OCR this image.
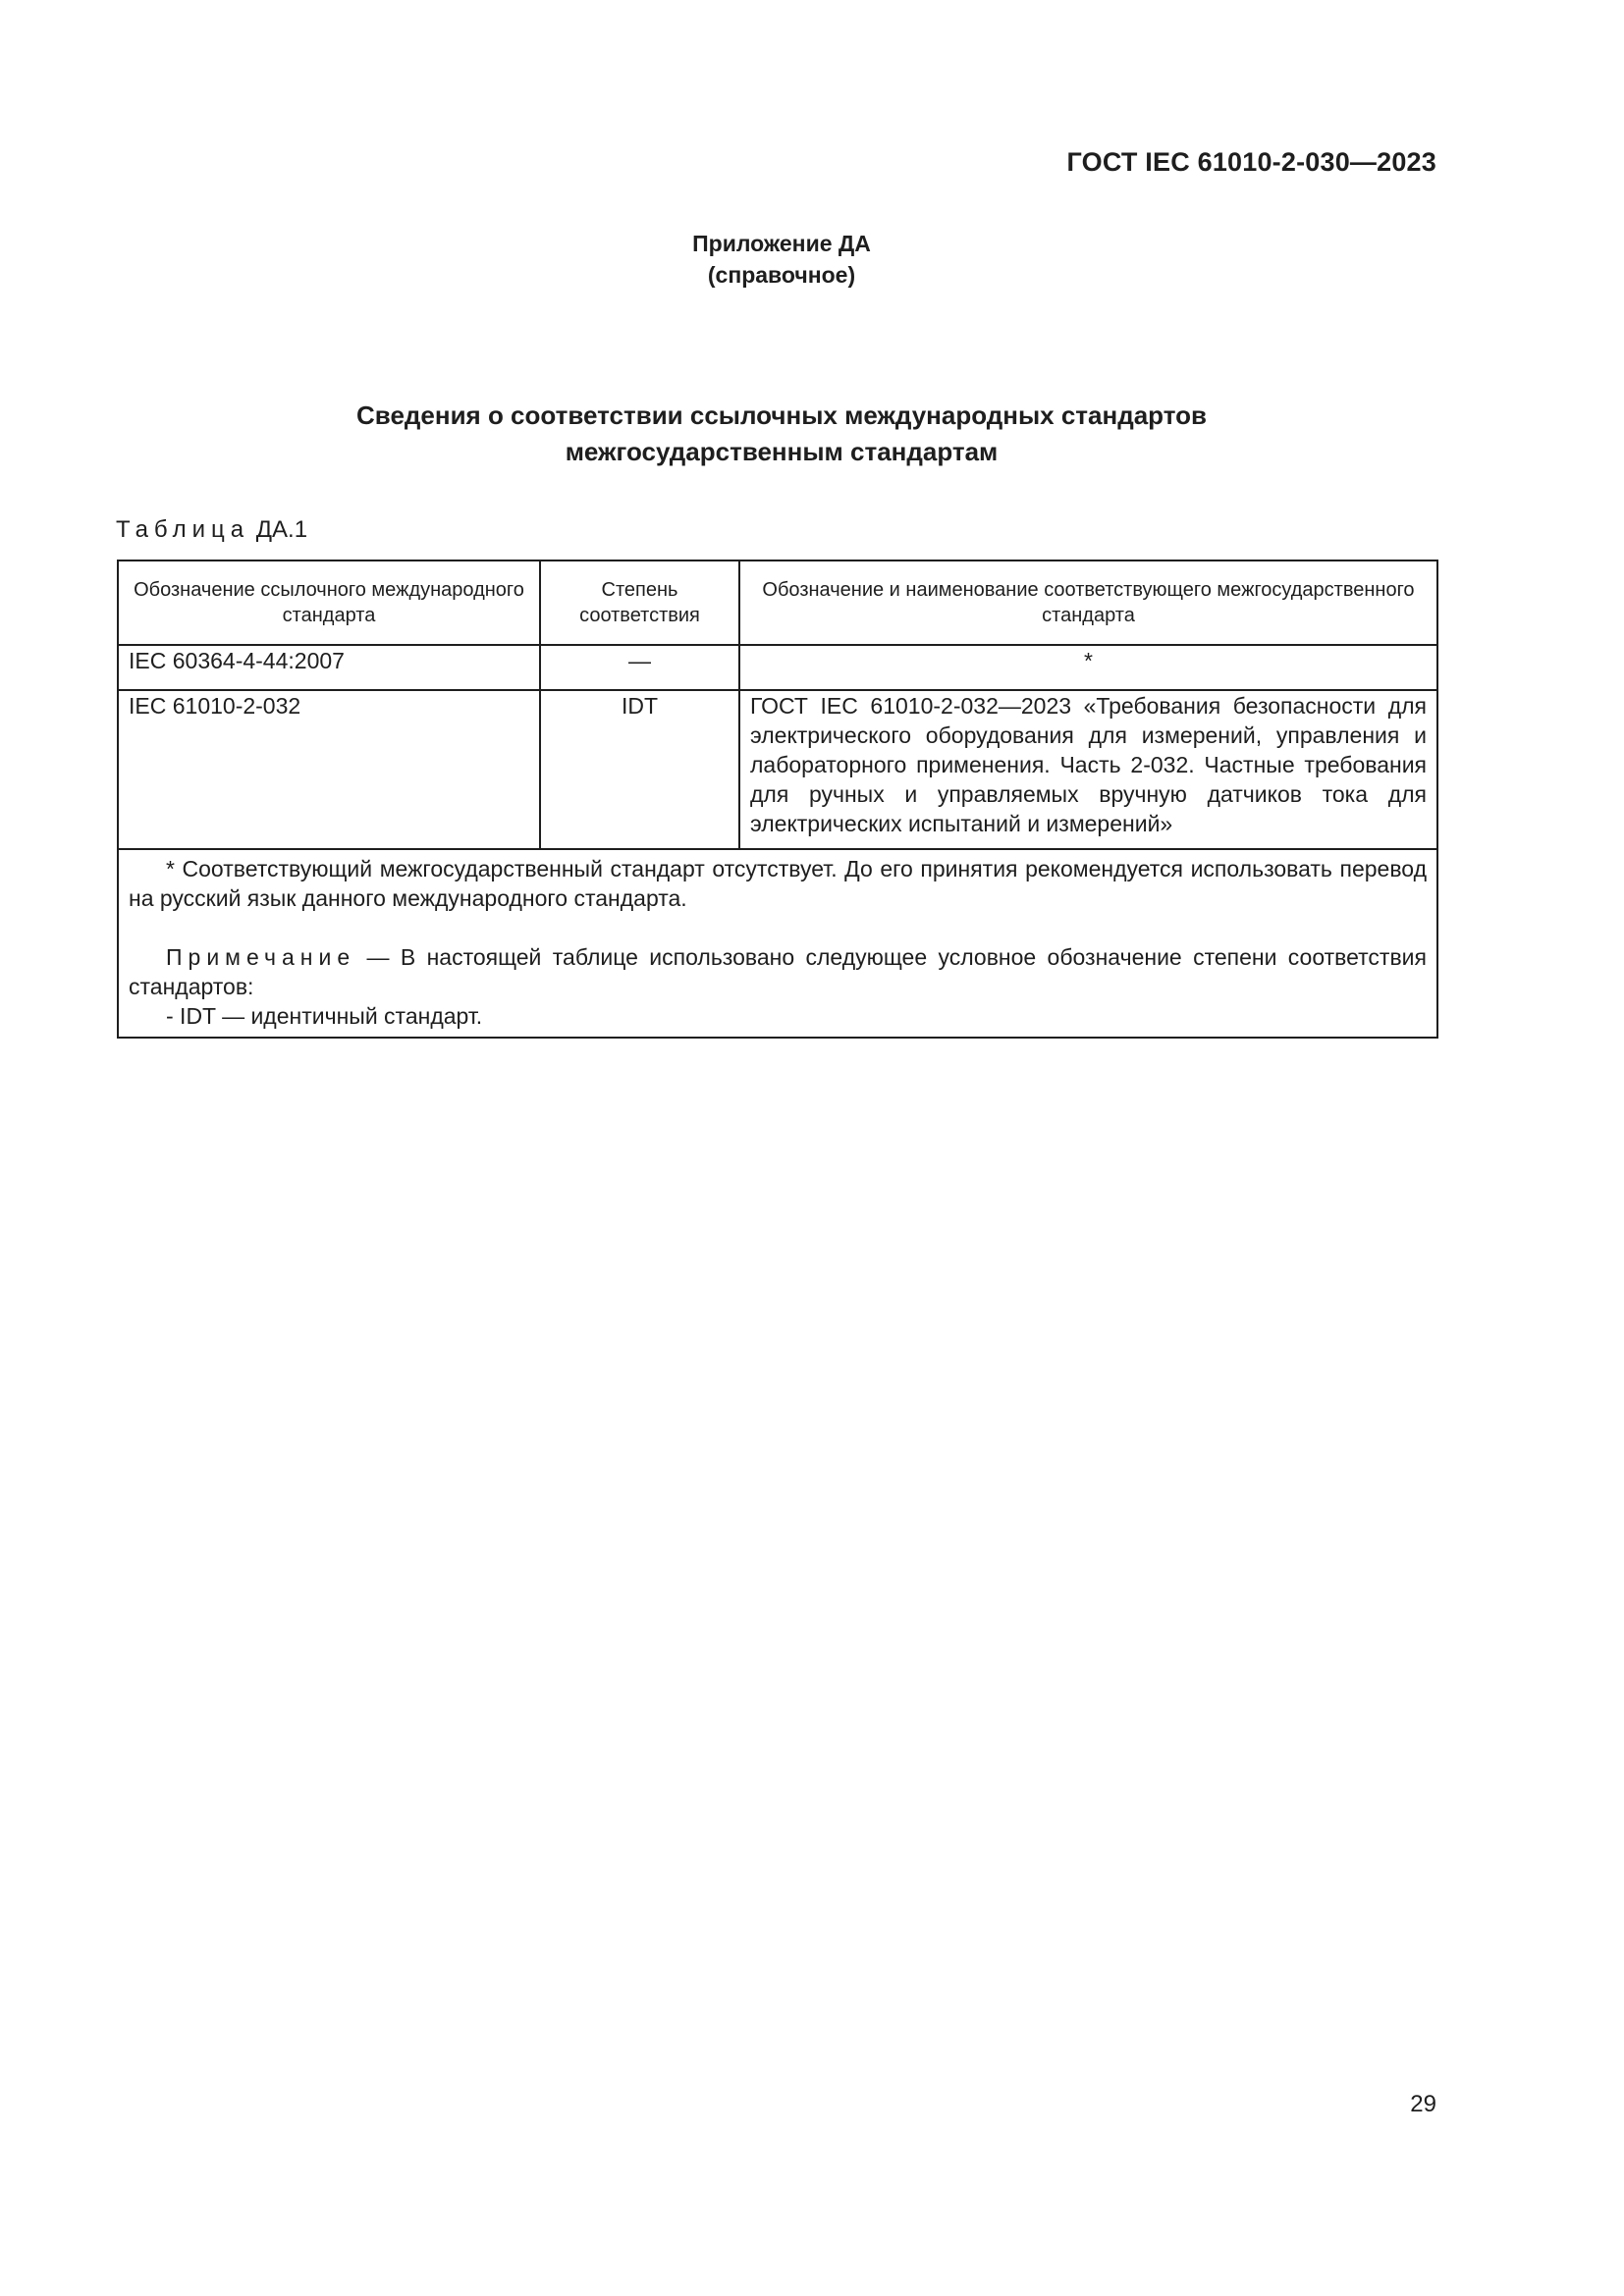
ГОСТ IEC 61010-2-030—2023
Приложение ДА
(справочное)
Сведения о соответствии ссылочных международных стандартов
межгосударственным стандартам
Таблица ДА.1
Обозначение ссылочного международного стандарта	Степень соответствия	Обозначение и наименование соответствующего межгосударственного стандарта
IEC 60364-4-44:2007	—	*
IEC 61010-2-032	IDT	ГОСТ IEC 61010-2-032—2023 «Требования безопасности для электрического оборудования для измерений, управления и лабораторного применения. Часть 2-032. Частные требования для ручных и управляемых вручную датчиков тока для электрических испытаний и измерений»

* Соответствующий межгосударственный стандарт отсутствует. До его принятия рекомендуется использовать перевод на русский язык данного международного стандарта.

Примечание — В настоящей таблице использовано следующее условное обозначение степени соответствия стандартов:

- IDT — идентичный стандарт.		

29
